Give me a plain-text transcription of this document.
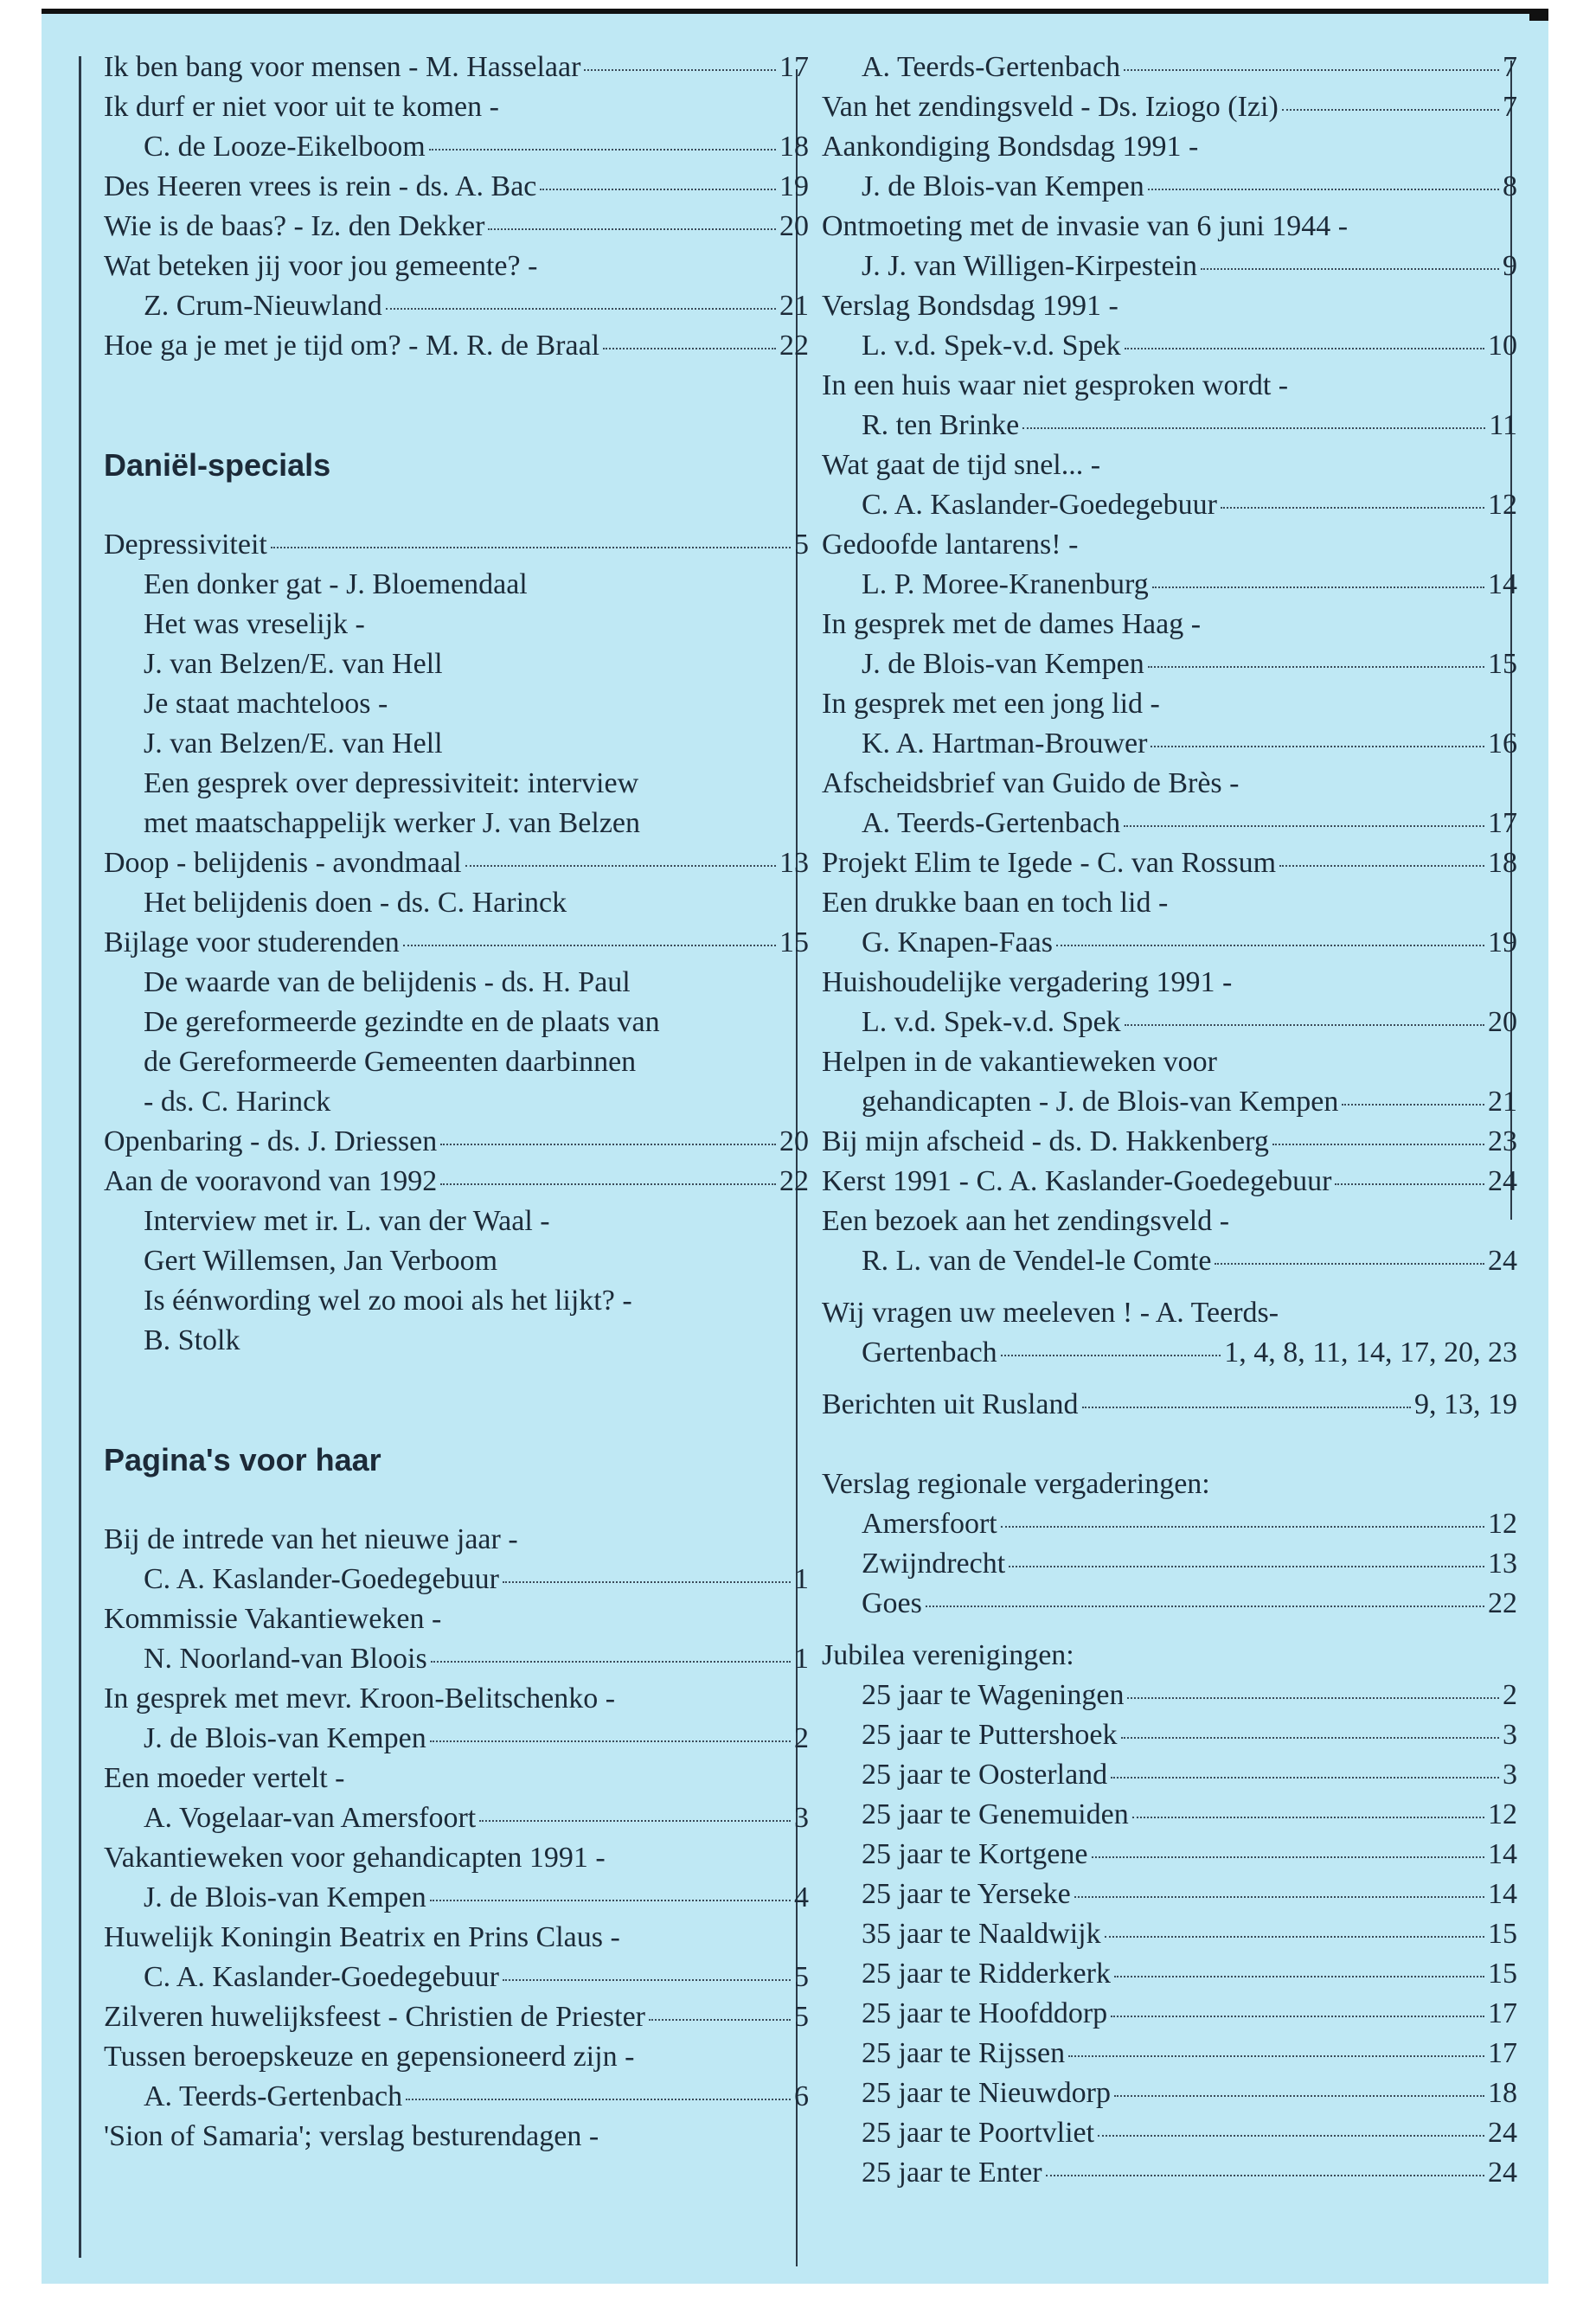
Ik ben bang voor mensen - M. Hasselaar	17
Ik durf er niet voor uit te komen -
C. de Looze-Eikelboom	18
Des Heeren vrees is rein - ds. A. Bac	19
Wie is de baas? - Iz. den Dekker	20
Wat beteken jij voor jou gemeente? -
Z. Crum-Nieuwland	21
Hoe ga je met je tijd om? - M. R. de Braal	22
Daniël-specials
Depressiviteit	5
Een donker gat - J. Bloemendaal
Het was vreselijk -
J. van Belzen/E. van Hell
Je staat machteloos -
J. van Belzen/E. van Hell
Een gesprek over depressiviteit: interview
met maatschappelijk werker J. van Belzen
Doop - belijdenis - avondmaal	13
Het belijdenis doen - ds. C. Harinck
Bijlage voor studerenden	15
De waarde van de belijdenis - ds. H. Paul
De gereformeerde gezindte en de plaats van
de Gereformeerde Gemeenten daarbinnen
- ds. C. Harinck
Openbaring - ds. J. Driessen	20
Aan de vooravond van 1992	22
Interview met ir. L. van der Waal -
Gert Willemsen, Jan Verboom
Is éénwording wel zo mooi als het lijkt? -
B. Stolk
Pagina's voor haar
Bij de intrede van het nieuwe jaar -
C. A. Kaslander-Goedegebuur	1
Kommissie Vakantieweken -
N. Noorland-van Bloois	1
In gesprek met mevr. Kroon-Belitschenko -
J. de Blois-van Kempen	2
Een moeder vertelt -
A. Vogelaar-van Amersfoort	3
Vakantieweken voor gehandicapten 1991 -
J. de Blois-van Kempen	4
Huwelijk Koningin Beatrix en Prins Claus -
C. A. Kaslander-Goedegebuur	5
Zilveren huwelijksfeest - Christien de Priester	5
Tussen beroepskeuze en gepensioneerd zijn -
A. Teerds-Gertenbach	6
'Sion of Samaria'; verslag besturendagen -
A. Teerds-Gertenbach	7
Van het zendingsveld - Ds. Iziogo (Izi)	7
Aankondiging Bondsdag 1991 -
J. de Blois-van Kempen	8
Ontmoeting met de invasie van 6 juni 1944 -
J. J. van Willigen-Kirpestein	9
Verslag Bondsdag 1991 -
L. v.d. Spek-v.d. Spek	10
In een huis waar niet gesproken wordt -
R. ten Brinke	11
Wat gaat de tijd snel... -
C. A. Kaslander-Goedegebuur	12
Gedoofde lantarens! -
L. P. Moree-Kranenburg	14
In gesprek met de dames Haag -
J. de Blois-van Kempen	15
In gesprek met een jong lid -
K. A. Hartman-Brouwer	16
Afscheidsbrief van Guido de Brès -
A. Teerds-Gertenbach	17
Projekt Elim te Igede - C. van Rossum	18
Een drukke baan en toch lid -
G. Knapen-Faas	19
Huishoudelijke vergadering 1991 -
L. v.d. Spek-v.d. Spek	20
Helpen in de vakantieweken voor
gehandicapten - J. de Blois-van Kempen	21
Bij mijn afscheid - ds. D. Hakkenberg	23
Kerst 1991 - C. A. Kaslander-Goedegebuur	24
Een bezoek aan het zendingsveld -
R. L. van de Vendel-le Comte	24
Wij vragen uw meeleven ! - A. Teerds-
Gertenbach	1, 4, 8, 11, 14, 17, 20, 23
Berichten uit Rusland	9, 13, 19
Verslag regionale vergaderingen:
Amersfoort	12
Zwijndrecht	13
Goes	22
Jubilea verenigingen:
25 jaar te Wageningen	2
25 jaar te Puttershoek	3
25 jaar te Oosterland	3
25 jaar te Genemuiden	12
25 jaar te Kortgene	14
25 jaar te Yerseke	14
35 jaar te Naaldwijk	15
25 jaar te Ridderkerk	15
25 jaar te Hoofddorp	17
25 jaar te Rijssen	17
25 jaar te Nieuwdorp	18
25 jaar te Poortvliet	24
25 jaar te Enter	24
